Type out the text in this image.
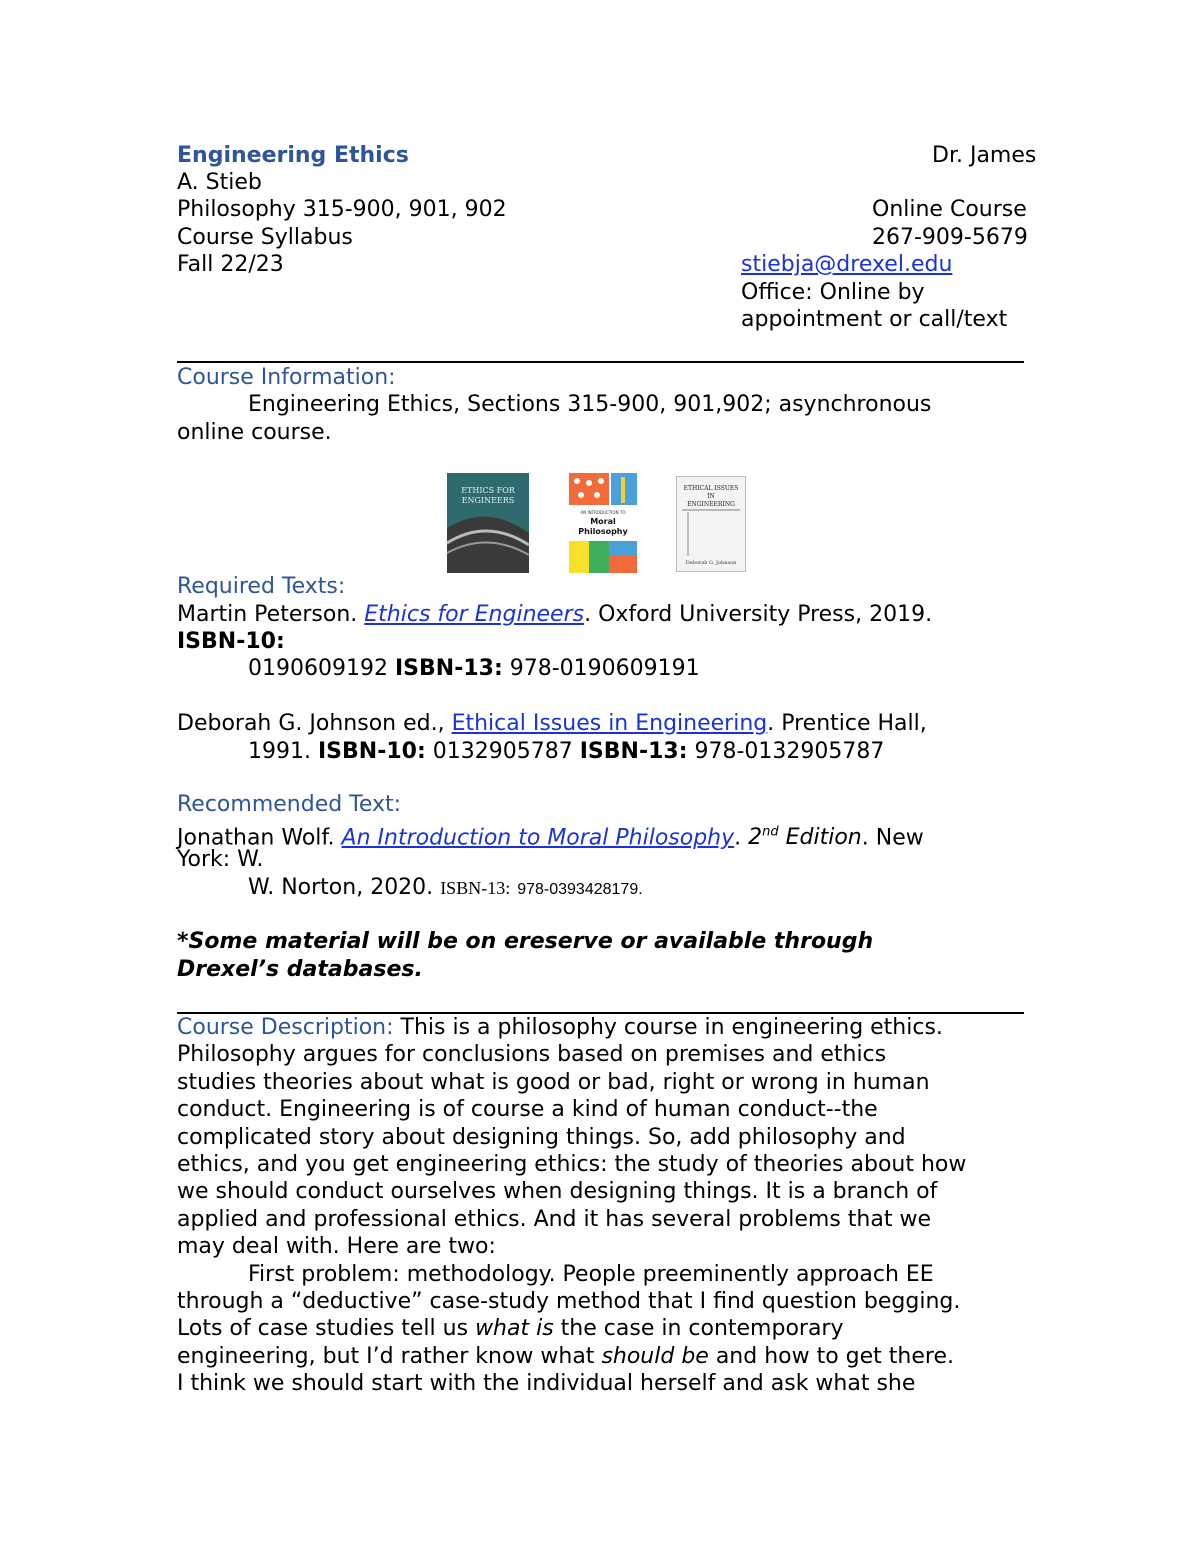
Engineering Ethics	Dr. James
A. Stieb
Philosophy 315-900, 901, 902	Online Course
Course Syllabus	267-909-5679
Fall 22/23	stiebja@drexel.edu
Office: Online by
appointment or call/text
Course Information:
Engineering Ethics, Sections 315-900, 901,902; asynchronous
online course.
ETHICS FOR
ENGINEERS
AN INTRODUCTION TO
Moral
Philosophy
ETHICAL ISSUES
IN
ENGINEERING
Deborah G. Johnson
Required Texts:
Martin Peterson. Ethics for Engineers. Oxford University Press, 2019.
ISBN-10:
0190609192 ISBN-13: 978-0190609191
Deborah G. Johnson ed., Ethical Issues in Engineering. Prentice Hall,
1991. ISBN-10: 0132905787 ISBN-13: 978-0132905787
Recommended Text:
Jonathan Wolf. An Introduction to Moral Philosophy. 2nd Edition. New
York: W.
W. Norton, 2020. ISBN-13: 978-0393428179.
*Some material will be on ereserve or available through
Drexel’s databases.
Course Description: This is a philosophy course in engineering ethics.
Philosophy argues for conclusions based on premises and ethics
studies theories about what is good or bad, right or wrong in human
conduct. Engineering is of course a kind of human conduct--the
complicated story about designing things. So, add philosophy and
ethics, and you get engineering ethics: the study of theories about how
we should conduct ourselves when designing things. It is a branch of
applied and professional ethics. And it has several problems that we
may deal with. Here are two:
First problem: methodology. People preeminently approach EE
through a “deductive” case-study method that I find question begging.
Lots of case studies tell us what is the case in contemporary
engineering, but I’d rather know what should be and how to get there.
I think we should start with the individual herself and ask what she
